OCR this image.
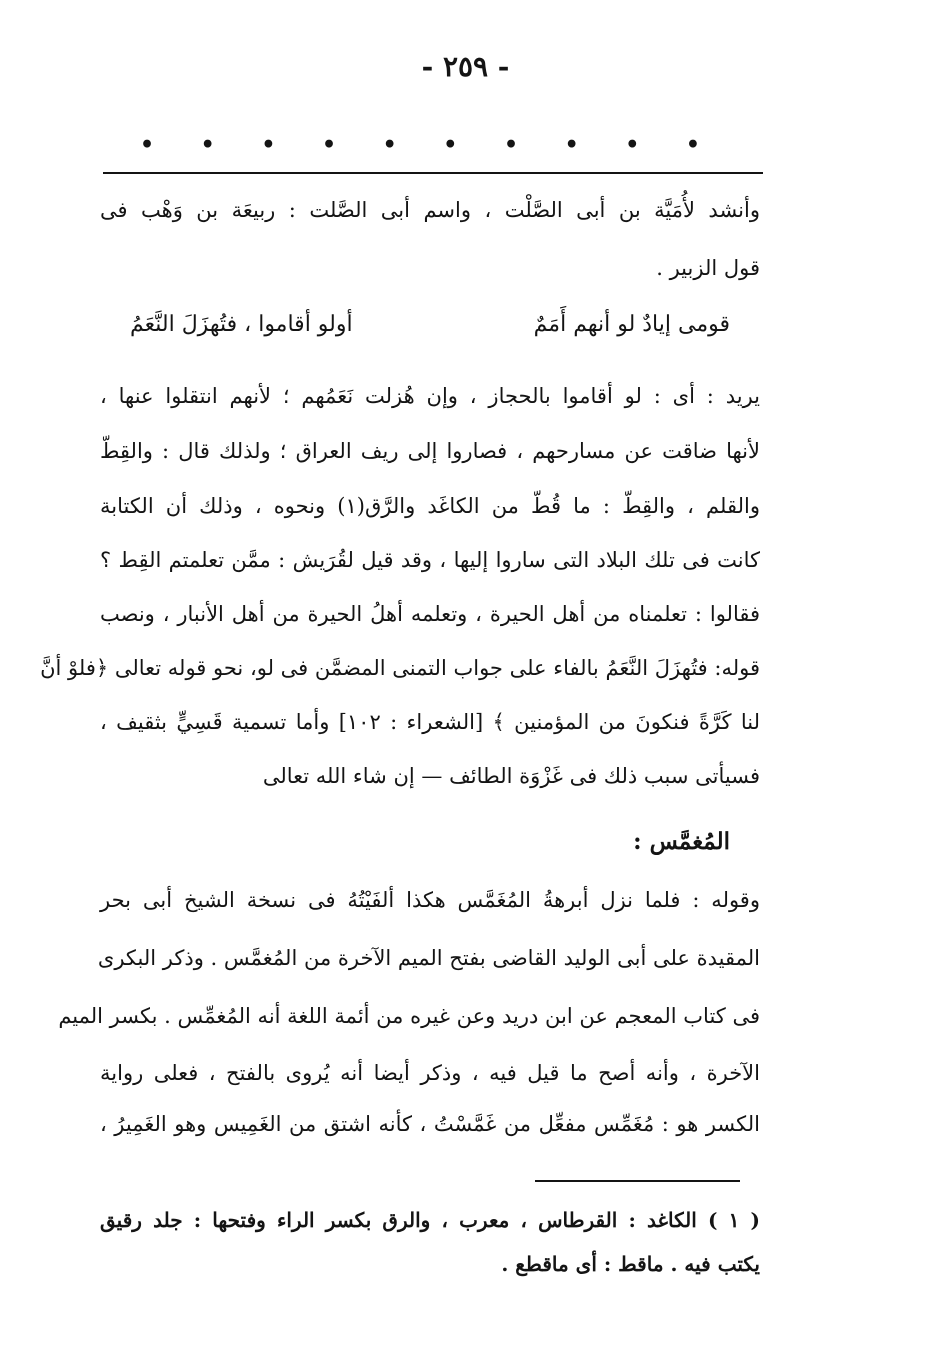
- ٢٥٩ -
• • • • • • • • • •
وأنشد لأُمَيَّة بن أبى الصَّلْت ، واسم أبى الصَّلت : ربيعَة بن وَهْب فى
قول الزبير .
قومى إيادٌ لو أنهم أَمَمٌ
أولو أقاموا ، فتُهزَلَ النَّعَمُ
يريد : أى : لو أقاموا بالحجاز ، وإن هُزلت نَعَمُهم ؛ لأنهم انتقلوا عنها ،
لأنها ضاقت عن مسارحهم ، فصاروا إلى ريف العراق ؛ ولذلك قال : والقِطّ
والقلم ، والقِطّ : ما قُطّ من الكاغَد والرَّق(١) ونحوه ، وذلك أن الكتابة
كانت فى تلك البلاد التى ساروا إليها ، وقد قيل لقُرَيش : ممَّن تعلمتم القِط ؟
فقالوا : تعلمناه من أهل الحيرة ، وتعلمه أهلُ الحيرة من أهل الأنبار ، ونصب
قوله: فتُهزَلَ النَّعَمُ بالفاء على جواب التمنى المضمَّن فى لو، نحو قوله تعالى ﴿فلوْ أنَّ
لنا كَرَّةً فنكونَ من المؤمنين ﴾ [الشعراء : ١٠٢] وأما تسمية قَسِيٍّ بثقيف ،
فسيأتى سبب ذلك فى غَزْوَة الطائف — إن شاء الله تعالى
المُغمَّس :
وقوله : فلما نزل أبرهةُ المُغَمَّس هكذا ألفَيْتُهُ فى نسخة الشيخ أبى بحر
المقيدة على أبى الوليد القاضى بفتح الميم الآخرة من المُغمَّس . وذكر البكرى
فى كتاب المعجم عن ابن دريد وعن غيره من أئمة اللغة أنه المُغمِّس . بكسر الميم
الآخرة ، وأنه أصح ما قيل فيه ، وذكر أيضا أنه يُروى بالفتح ، فعلى رواية
الكسر هو : مُغَمِّس مفعِّل من غَمَّسْتُ ، كأنه اشتق من الغَمِيس وهو الغَمِيرُ ،
( ١ ) الكاغد : القرطاس ، معرب ، والرق بكسر الراء وفتحها : جلد رقيق
يكتب فيه . ماقط : أى ماقطع .
